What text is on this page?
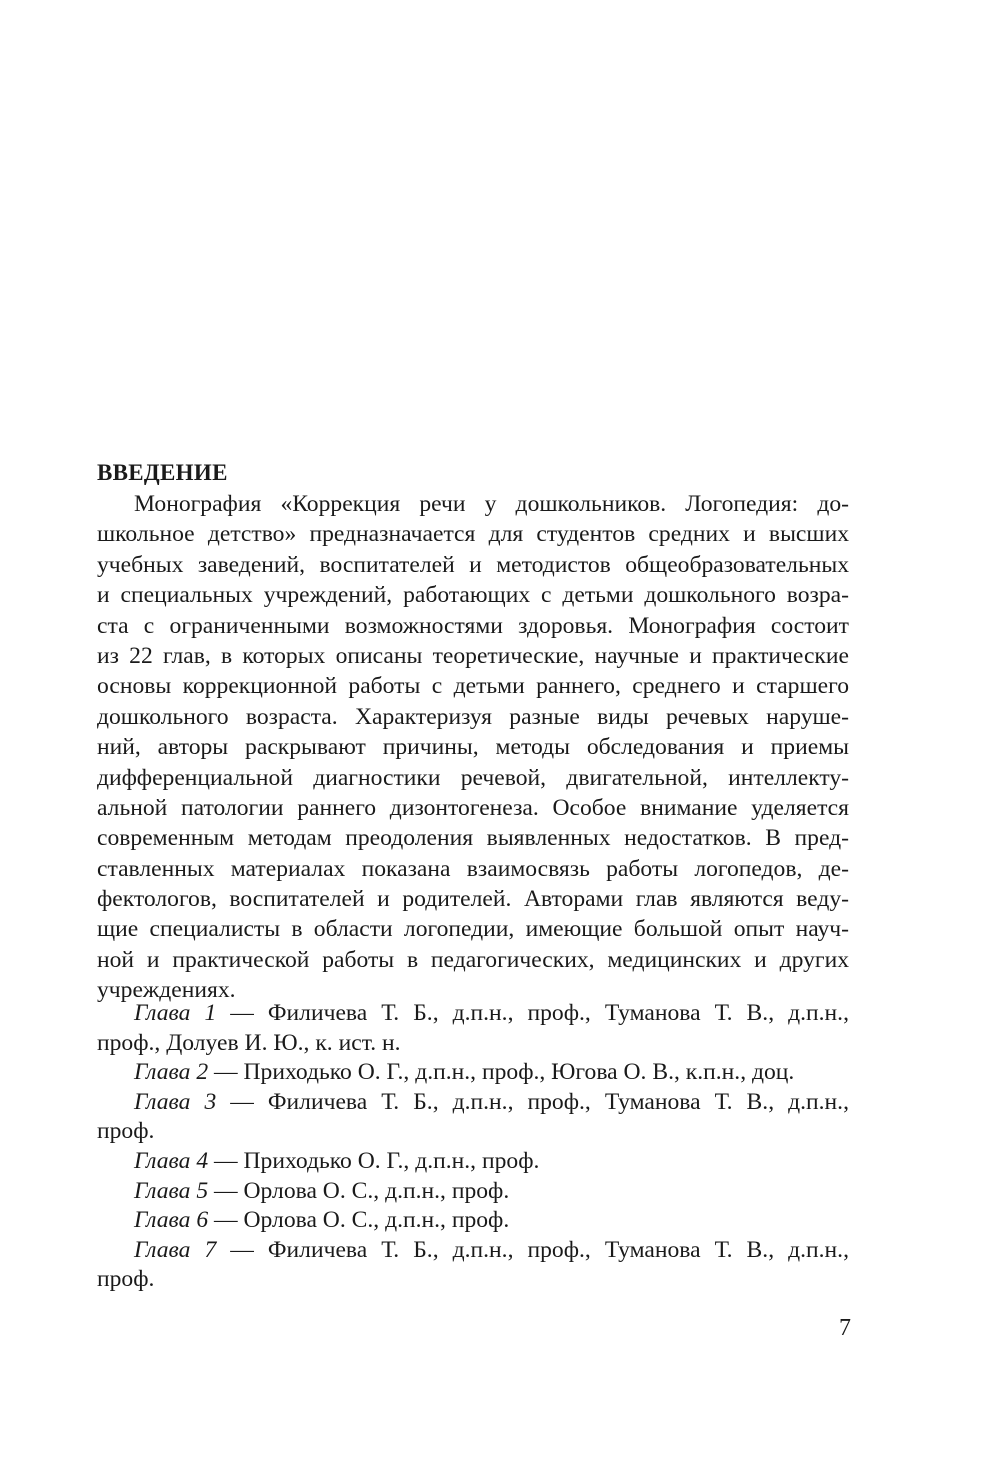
ВВЕДЕНИЕ
Монография «Коррекция речи у дошкольников. Логопедия: до-
школьное детство» предназначается для студентов средних и высших
учебных заведений, воспитателей и методистов общеобразовательных
и специальных учреждений, работающих с детьми дошкольного возра-
ста с ограниченными возможностями здоровья. Монография состоит
из 22 глав, в которых описаны теоретические, научные и практические
основы коррекционной работы с детьми раннего, среднего и старшего
дошкольного возраста. Характеризуя разные виды речевых наруше-
ний, авторы раскрывают причины, методы обследования и приемы
дифференциальной диагностики речевой, двигательной, интеллекту-
альной патологии раннего дизонтогенеза. Особое внимание уделяется
современным методам преодоления выявленных недостатков. В пред-
ставленных материалах показана взаимосвязь работы логопедов, де-
фектологов, воспитателей и родителей. Авторами глав являются веду-
щие специалисты в области логопедии, имеющие большой опыт науч-
ной и практической работы в педагогических, медицинских и других
учреждениях.
Глава 1 — Филичева Т. Б., д.п.н., проф., Туманова Т. В., д.п.н.,
проф., Долуев И. Ю., к. ист. н.
Глава 2 — Приходько О. Г., д.п.н., проф., Югова О. В., к.п.н., доц.
Глава 3 — Филичева Т. Б., д.п.н., проф., Туманова Т. В., д.п.н.,
проф.
Глава 4 — Приходько О. Г., д.п.н., проф.
Глава 5 — Орлова О. С., д.п.н., проф.
Глава 6 — Орлова О. С., д.п.н., проф.
Глава 7 — Филичева Т. Б., д.п.н., проф., Туманова Т. В., д.п.н.,
проф.
7
